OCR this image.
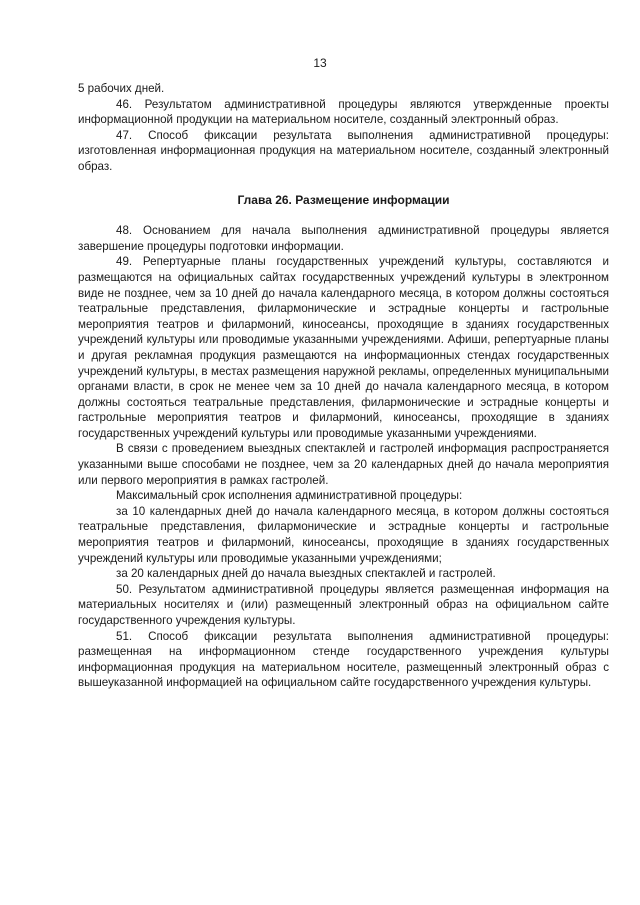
13

5 рабочих дней.

46. Результатом административной процедуры являются утвержденные проекты информационной продукции на материальном носителе, созданный электронный образ.

47. Способ фиксации результата выполнения административной процедуры: изготовленная информационная продукция на материальном носителе, созданный электронный образ.

Глава 26. Размещение информации

48. Основанием для начала выполнения административной процедуры является завершение процедуры подготовки информации.

49. Репертуарные планы государственных учреждений культуры, составляются и размещаются на официальных сайтах государственных учреждений культуры в электронном виде не позднее, чем за 10 дней до начала календарного месяца, в котором должны состояться театральные представления, филармонические и эстрадные концерты и гастрольные мероприятия театров и филармоний, киносеансы, проходящие в зданиях государственных учреждений культуры или проводимые указанными учреждениями. Афиши, репертуарные планы и другая рекламная продукция размещаются на информационных стендах государственных учреждений культуры, в местах размещения наружной рекламы, определенных муниципальными органами власти, в срок не менее чем за 10 дней до начала календарного месяца, в котором должны состояться театральные представления, филармонические и эстрадные концерты и гастрольные мероприятия театров и филармоний, киносеансы, проходящие в зданиях государственных учреждений культуры или проводимые указанными учреждениями.

В связи с проведением выездных спектаклей и гастролей информация распространяется указанными выше способами не позднее, чем за 20 календарных дней до начала мероприятия или первого мероприятия в рамках гастролей.

Максимальный срок исполнения административной процедуры:

за 10 календарных дней до начала календарного месяца, в котором должны состояться театральные представления, филармонические и эстрадные концерты и гастрольные мероприятия театров и филармоний, киносеансы, проходящие в зданиях государственных учреждений культуры или проводимые указанными учреждениями;

за 20 календарных дней до начала выездных спектаклей и гастролей.

50. Результатом административной процедуры является размещенная информация на материальных носителях и (или) размещенный электронный образ на официальном сайте государственного учреждения культуры.

51. Способ фиксации результата выполнения административной процедуры: размещенная на информационном стенде государственного учреждения культуры информационная продукция на материальном носителе, размещенный электронный образ с вышеуказанной информацией на официальном сайте государственного учреждения культуры.
